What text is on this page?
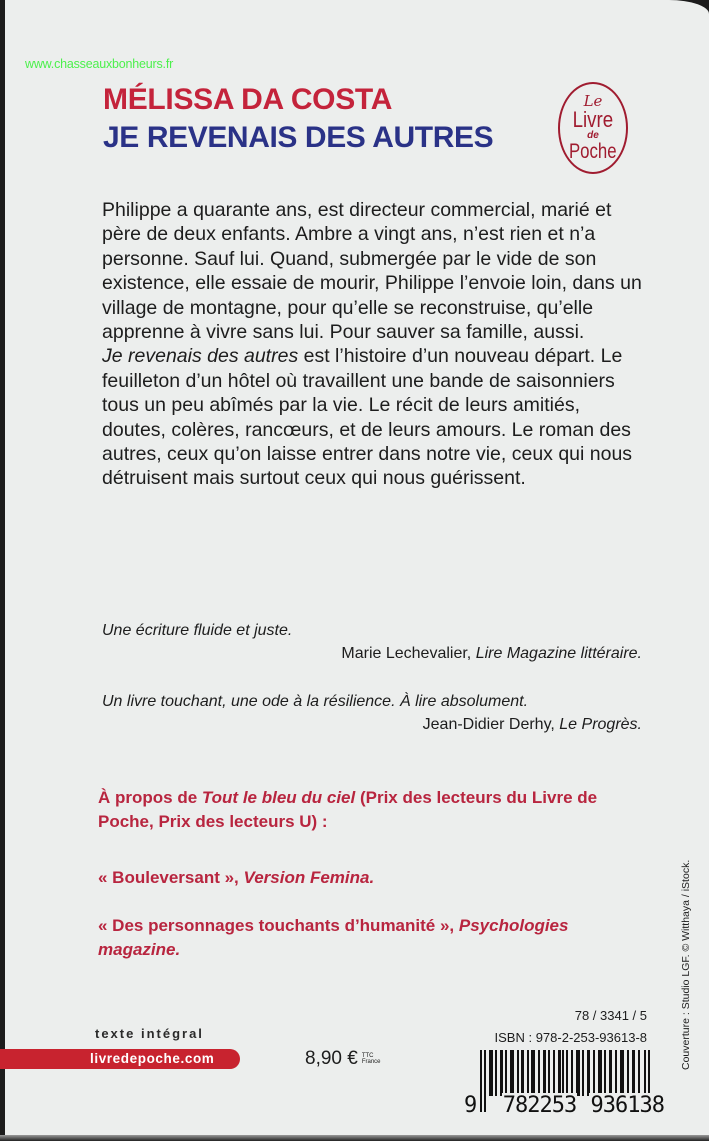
www.chasseauxbonheurs.fr
MÉLISSA DA COSTA
JE REVENAIS DES AUTRES
Le
Livre
de
Poche

Philippe a quarante ans, est directeur commercial, marié et père de deux enfants. Ambre a vingt ans, n’est rien et n’a personne. Sauf lui. Quand, submergée par le vide de son existence, elle essaie de mourir, Philippe l’envoie loin, dans un village de montagne, pour qu’elle se reconstruise, qu’elle apprenne à vivre sans lui. Pour sauver sa famille, aussi.

Je revenais des autres est l’histoire d’un nouveau départ. Le feuilleton d’un hôtel où travaillent une bande de saisonniers tous un peu abîmés par la vie. Le récit de leurs amitiés, doutes, colères, rancœurs, et de leurs amours. Le roman des autres, ceux qu’on laisse entrer dans notre vie, ceux qui nous détruisent mais surtout ceux qui nous guérissent.

Une écriture fluide et juste.
Marie Lechevalier, Lire Magazine littéraire.
Un livre touchant, une ode à la résilience. À lire absolument.
Jean-Didier Derhy, Le Progrès.
À propos de Tout le bleu du ciel (Prix des lecteurs du Livre de Poche, Prix des lecteurs U) :
« Bouleversant », Version Femina.
« Des personnages touchants d’humanité », Psychologies magazine.
texte intégral
livredepoche.com	8,90 € TTC
France
78 / 3341 / 5
ISBN : 978-2-253-93613-8
9 782253 936138
Couverture : Studio LGF. © Witthaya / iStock.
